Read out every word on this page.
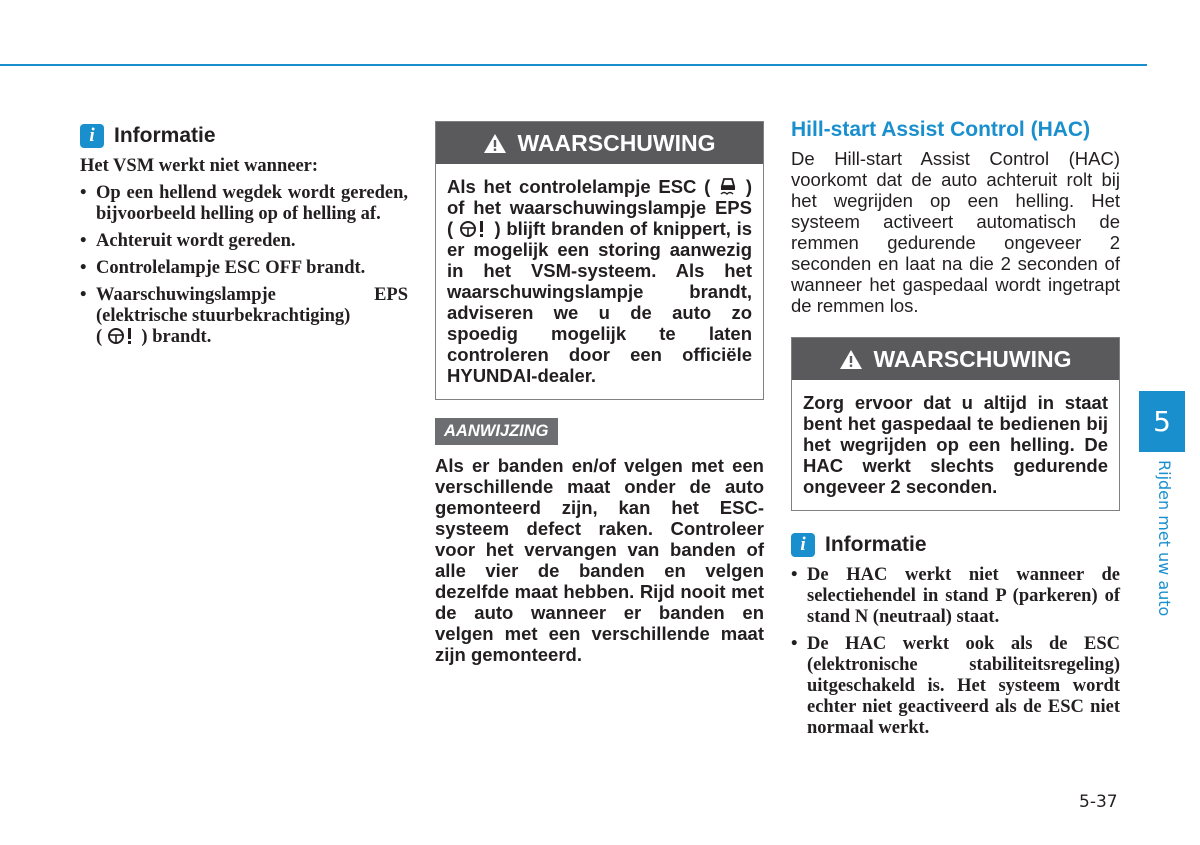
i Informatie
Het VSM werkt niet wanneer:
• Op een hellend wegdek wordt gereden, bijvoorbeeld helling op of helling af.
• Achteruit wordt gereden.
• Controlelampje ESC OFF brandt.
• Waarschuwingslampje EPS (elektrische stuurbekrachtiging)
( ) brandt.
WAARSCHUWING
Als het controlelampje ESC ( ) of het waarschuwingslampje EPS ( ) blijft branden of knippert, is er mogelijk een storing aanwezig in het VSM-systeem. Als het waarschuwingslampje brandt, adviseren we u de auto zo spoedig mogelijk te laten controleren door een officiële HYUNDAI-dealer.
AANWIJZING
Als er banden en/of velgen met een verschillende maat onder de auto gemonteerd zijn, kan het ESC-systeem defect raken. Controleer voor het vervangen van banden of alle vier de banden en velgen dezelfde maat hebben. Rijd nooit met de auto wanneer er banden en velgen met een verschillende maat zijn gemonteerd.
Hill-start Assist Control (HAC)
De Hill-start Assist Control (HAC) voorkomt dat de auto achteruit rolt bij het wegrijden op een helling. Het systeem activeert automatisch de remmen gedurende ongeveer 2 seconden en laat na die 2 seconden of wanneer het gaspedaal wordt ingetrapt de remmen los.
WAARSCHUWING
Zorg ervoor dat u altijd in staat bent het gaspedaal te bedienen bij het wegrijden op een helling. De HAC werkt slechts gedurende ongeveer 2 seconden.
i Informatie
• De HAC werkt niet wanneer de selectiehendel in stand P (parkeren) of stand N (neutraal) staat.
• De HAC werkt ook als de ESC (elektronische stabiliteitsregeling) uitgeschakeld is. Het systeem wordt echter niet geactiveerd als de ESC niet normaal werkt.
5
Rijden met uw auto
5-37
